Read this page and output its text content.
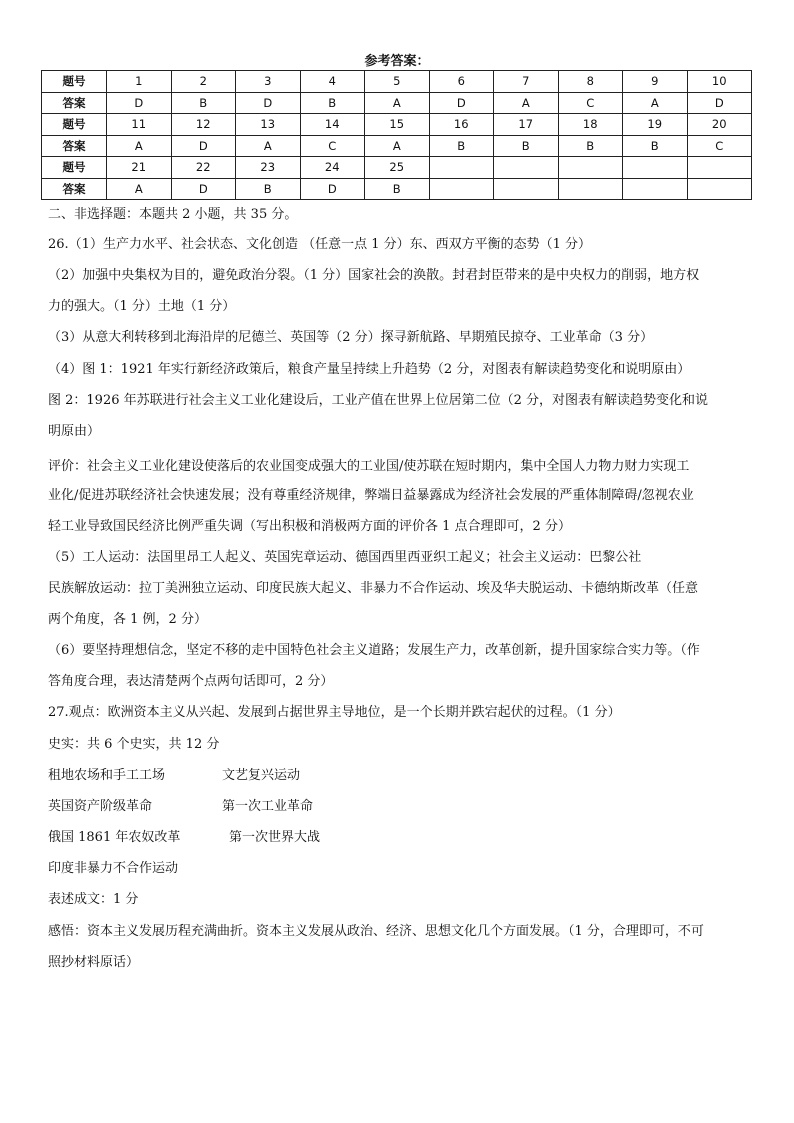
参考答案：
题号	1	2	3	4	5	6	7	8	9	10
答案	D	B	D	B	A	D	A	C	A	D
题号	11	12	13	14	15	16	17	18	19	20
答案	A	D	A	C	A	B	B	B	B	C
题号	21	22	23	24	25					
答案	A	D	B	D	B					
二、非选择题：本题共 2 小题，共 35 分。
26.（1）生产力水平、社会状态、文化创造 （任意一点 1 分）东、西双方平衡的态势（1 分）
（2）加强中央集权为目的，避免政治分裂。（1 分）国家社会的涣散。封君封臣带来的是中央权力的削弱，地方权
力的强大。（1 分）土地（1 分）
（3）从意大利转移到北海沿岸的尼德兰、英国等（2 分）探寻新航路、早期殖民掠夺、工业革命（3 分）
（4）图 1：1921 年实行新经济政策后，粮食产量呈持续上升趋势（2 分，对图表有解读趋势变化和说明原由）
图 2：1926 年苏联进行社会主义工业化建设后，工业产值在世界上位居第二位（2 分，对图表有解读趋势变化和说
明原由）
评价：社会主义工业化建设使落后的农业国变成强大的工业国/使苏联在短时期内，集中全国人力物力财力实现工
业化/促进苏联经济社会快速发展；没有尊重经济规律，弊端日益暴露成为经济社会发展的严重体制障碍/忽视农业
轻工业导致国民经济比例严重失调（写出积极和消极两方面的评价各 1 点合理即可，2 分）
（5）工人运动：法国里昂工人起义、英国宪章运动、德国西里西亚织工起义；社会主义运动：巴黎公社
民族解放运动：拉丁美洲独立运动、印度民族大起义、非暴力不合作运动、埃及华夫脱运动、卡德纳斯改革（任意
两个角度，各 1 例，2 分）
（6）要坚持理想信念，坚定不移的走中国特色社会主义道路；发展生产力，改革创新，提升国家综合实力等。（作
答角度合理，表达清楚两个点两句话即可，2 分）
27.观点：欧洲资本主义从兴起、发展到占据世界主导地位，是一个长期并跌宕起伏的过程。（1 分）
史实：共 6 个史实，共 12 分
租地农场和手工工场	文艺复兴运动
英国资产阶级革命	第一次工业革命
俄国 1861 年农奴改革	第一次世界大战
印度非暴力不合作运动
表述成文：1 分
感悟：资本主义发展历程充满曲折。资本主义发展从政治、经济、思想文化几个方面发展。（1 分，合理即可，不可
照抄材料原话）
